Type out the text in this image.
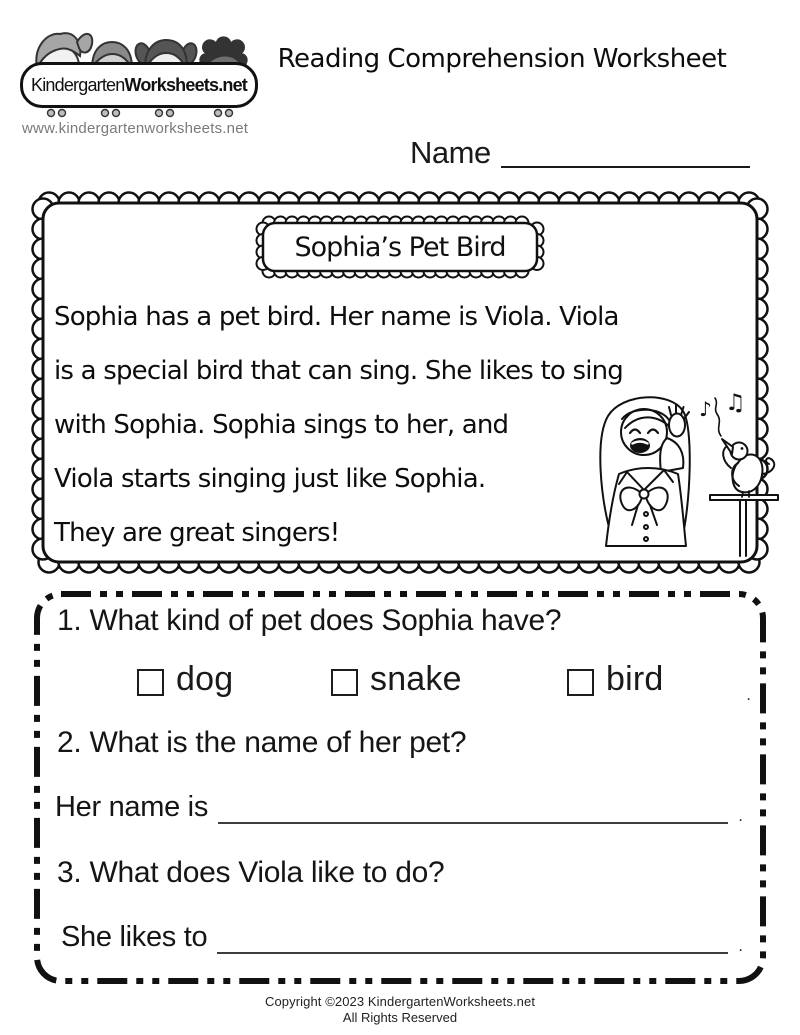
Kindergarten Worksheets.net
www.kindergartenworksheets.net
Reading Comprehension Worksheet
Name
Sophia’s Pet Bird
Sophia has a pet bird. Her name is Viola. Viola
is a special bird that can sing. She likes to sing
with Sophia. Sophia sings to her, and
Viola starts singing just like Sophia.
They are great singers!
♪ ♫
1. What kind of pet does Sophia have?
dog	snake	bird	.
2. What is the name of her pet?
Her name is	.
3. What does Viola like to do?
She likes to	.
Copyright ©2023 KindergartenWorksheets.net
All Rights Reserved
